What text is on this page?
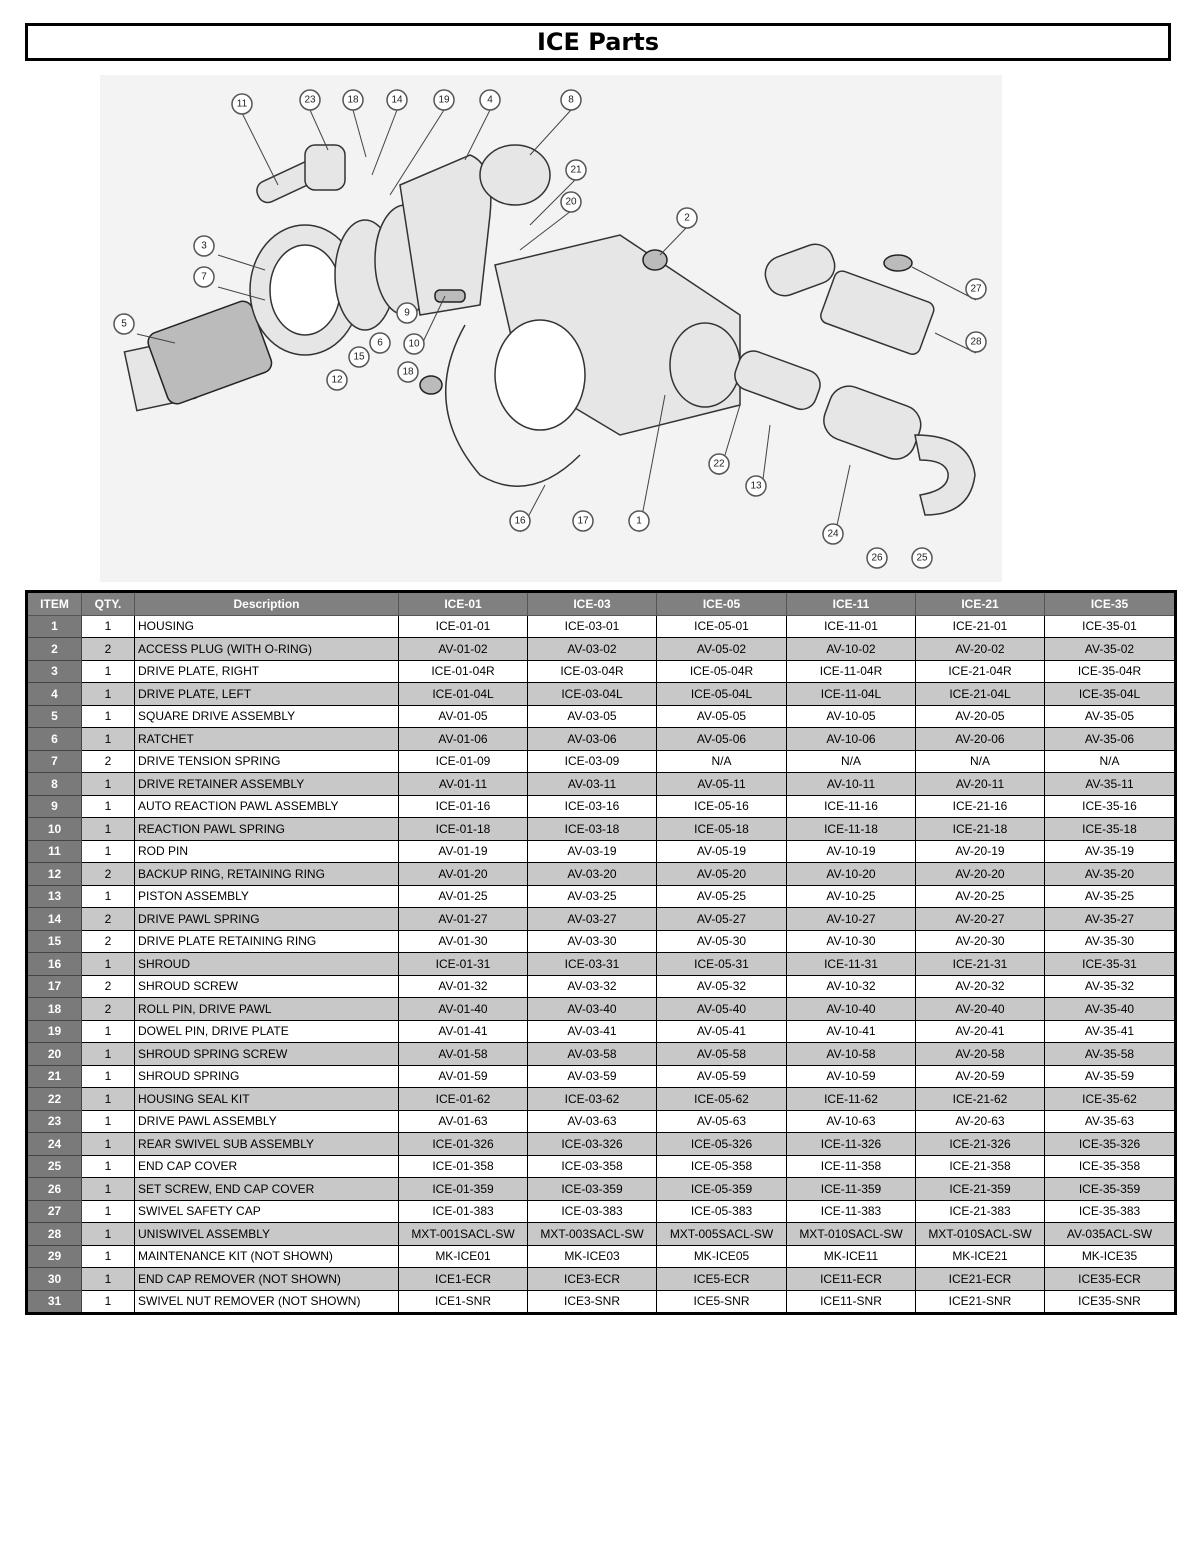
ICE Parts
11	23	18	14	19	4	8
21
20
2
3
7
5
9
10
15
6
12
18
27
28
22
13
24
16	17	1
26	25
ITEM	QTY.	Description	ICE-01	ICE-03	ICE-05	ICE-11	ICE-21	ICE-35
1	1	HOUSING	ICE-01-01	ICE-03-01	ICE-05-01	ICE-11-01	ICE-21-01	ICE-35-01
2	2	ACCESS PLUG (WITH O-RING)	AV-01-02	AV-03-02	AV-05-02	AV-10-02	AV-20-02	AV-35-02
3	1	DRIVE PLATE, RIGHT	ICE-01-04R	ICE-03-04R	ICE-05-04R	ICE-11-04R	ICE-21-04R	ICE-35-04R
4	1	DRIVE PLATE, LEFT	ICE-01-04L	ICE-03-04L	ICE-05-04L	ICE-11-04L	ICE-21-04L	ICE-35-04L
5	1	SQUARE DRIVE ASSEMBLY	AV-01-05	AV-03-05	AV-05-05	AV-10-05	AV-20-05	AV-35-05
6	1	RATCHET	AV-01-06	AV-03-06	AV-05-06	AV-10-06	AV-20-06	AV-35-06
7	2	DRIVE TENSION SPRING	ICE-01-09	ICE-03-09	N/A	N/A	N/A	N/A
8	1	DRIVE RETAINER ASSEMBLY	AV-01-11	AV-03-11	AV-05-11	AV-10-11	AV-20-11	AV-35-11
9	1	AUTO REACTION PAWL ASSEMBLY	ICE-01-16	ICE-03-16	ICE-05-16	ICE-11-16	ICE-21-16	ICE-35-16
10	1	REACTION PAWL SPRING	ICE-01-18	ICE-03-18	ICE-05-18	ICE-11-18	ICE-21-18	ICE-35-18
11	1	ROD PIN	AV-01-19	AV-03-19	AV-05-19	AV-10-19	AV-20-19	AV-35-19
12	2	BACKUP RING, RETAINING RING	AV-01-20	AV-03-20	AV-05-20	AV-10-20	AV-20-20	AV-35-20
13	1	PISTON ASSEMBLY	AV-01-25	AV-03-25	AV-05-25	AV-10-25	AV-20-25	AV-35-25
14	2	DRIVE PAWL SPRING	AV-01-27	AV-03-27	AV-05-27	AV-10-27	AV-20-27	AV-35-27
15	2	DRIVE PLATE RETAINING RING	AV-01-30	AV-03-30	AV-05-30	AV-10-30	AV-20-30	AV-35-30
16	1	SHROUD	ICE-01-31	ICE-03-31	ICE-05-31	ICE-11-31	ICE-21-31	ICE-35-31
17	2	SHROUD SCREW	AV-01-32	AV-03-32	AV-05-32	AV-10-32	AV-20-32	AV-35-32
18	2	ROLL PIN, DRIVE PAWL	AV-01-40	AV-03-40	AV-05-40	AV-10-40	AV-20-40	AV-35-40
19	1	DOWEL PIN, DRIVE PLATE	AV-01-41	AV-03-41	AV-05-41	AV-10-41	AV-20-41	AV-35-41
20	1	SHROUD SPRING SCREW	AV-01-58	AV-03-58	AV-05-58	AV-10-58	AV-20-58	AV-35-58
21	1	SHROUD SPRING	AV-01-59	AV-03-59	AV-05-59	AV-10-59	AV-20-59	AV-35-59
22	1	HOUSING SEAL KIT	ICE-01-62	ICE-03-62	ICE-05-62	ICE-11-62	ICE-21-62	ICE-35-62
23	1	DRIVE PAWL ASSEMBLY	AV-01-63	AV-03-63	AV-05-63	AV-10-63	AV-20-63	AV-35-63
24	1	REAR SWIVEL SUB ASSEMBLY	ICE-01-326	ICE-03-326	ICE-05-326	ICE-11-326	ICE-21-326	ICE-35-326
25	1	END CAP COVER	ICE-01-358	ICE-03-358	ICE-05-358	ICE-11-358	ICE-21-358	ICE-35-358
26	1	SET SCREW, END CAP COVER	ICE-01-359	ICE-03-359	ICE-05-359	ICE-11-359	ICE-21-359	ICE-35-359
27	1	SWIVEL SAFETY CAP	ICE-01-383	ICE-03-383	ICE-05-383	ICE-11-383	ICE-21-383	ICE-35-383
28	1	UNISWIVEL ASSEMBLY	MXT-001SACL-SW	MXT-003SACL-SW	MXT-005SACL-SW	MXT-010SACL-SW	MXT-010SACL-SW	AV-035ACL-SW
29	1	MAINTENANCE KIT (NOT SHOWN)	MK-ICE01	MK-ICE03	MK-ICE05	MK-ICE11	MK-ICE21	MK-ICE35
30	1	END CAP REMOVER (NOT SHOWN)	ICE1-ECR	ICE3-ECR	ICE5-ECR	ICE11-ECR	ICE21-ECR	ICE35-ECR
31	1	SWIVEL NUT REMOVER (NOT SHOWN)	ICE1-SNR	ICE3-SNR	ICE5-SNR	ICE11-SNR	ICE21-SNR	ICE35-SNR
